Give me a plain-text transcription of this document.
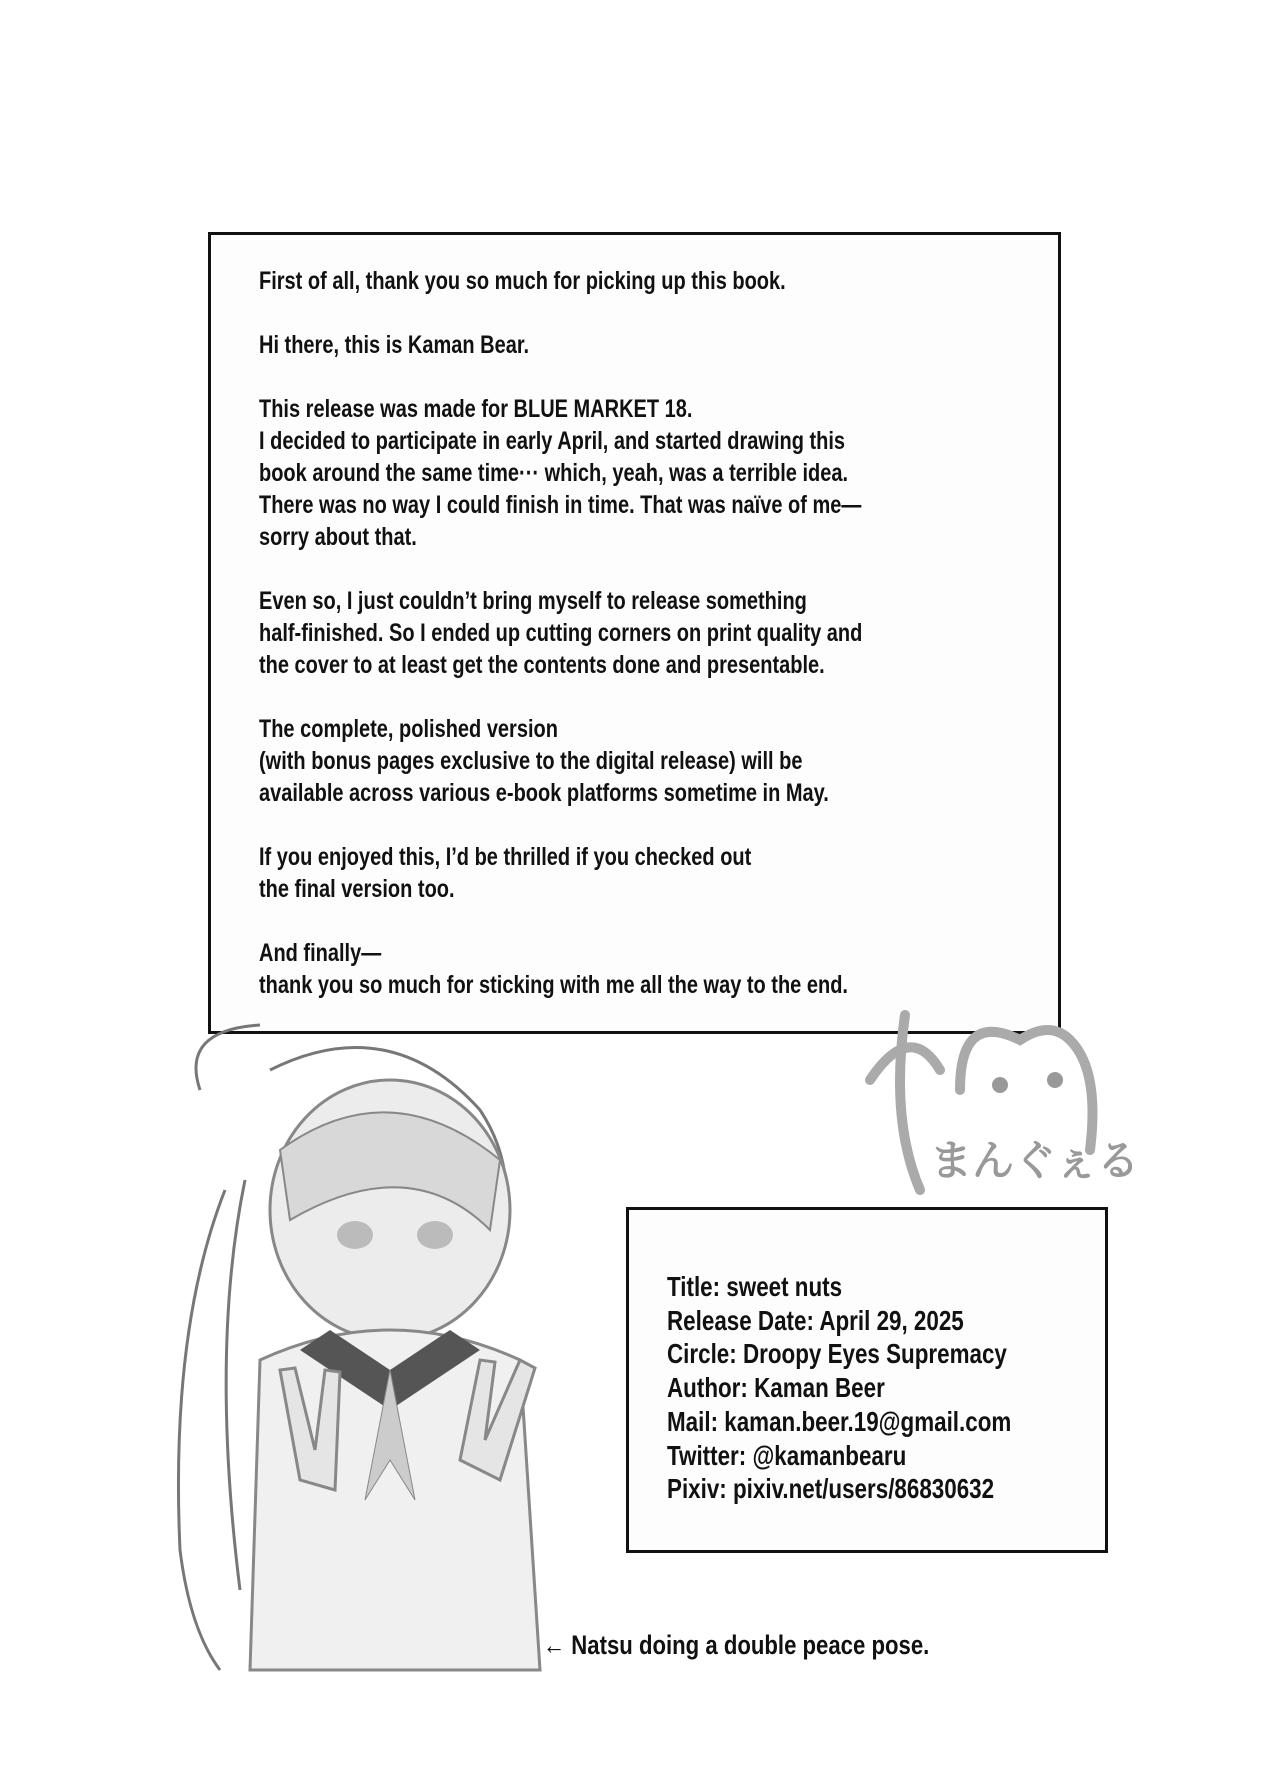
First of all, thank you so much for picking up this book.

Hi there, this is Kaman Bear.

This release was made for BLUE MARKET 18.
I decided to participate in early April, and started drawing this
book around the same time··· which, yeah, was a terrible idea.
There was no way I could finish in time. That was naïve of me—
sorry about that.

Even so, I just couldn’t bring myself to release something
half-finished. So I ended up cutting corners on print quality and
the cover to at least get the contents done and presentable.

The complete, polished version
(with bonus pages exclusive to the digital release) will be
available across various e-book platforms sometime in May.

If you enjoyed this, I’d be thrilled if you checked out
the final version too.

And finally—
thank you so much for sticking with me all the way to the end.

まんぐぇる
Title: sweet nuts
Release Date: April 29, 2025
Circle: Droopy Eyes Supremacy
Author: Kaman Beer
Mail: kaman.beer.19@gmail.com
Twitter: @kamanbearu
Pixiv: pixiv.net/users/86830632
← Natsu doing a double peace pose.
